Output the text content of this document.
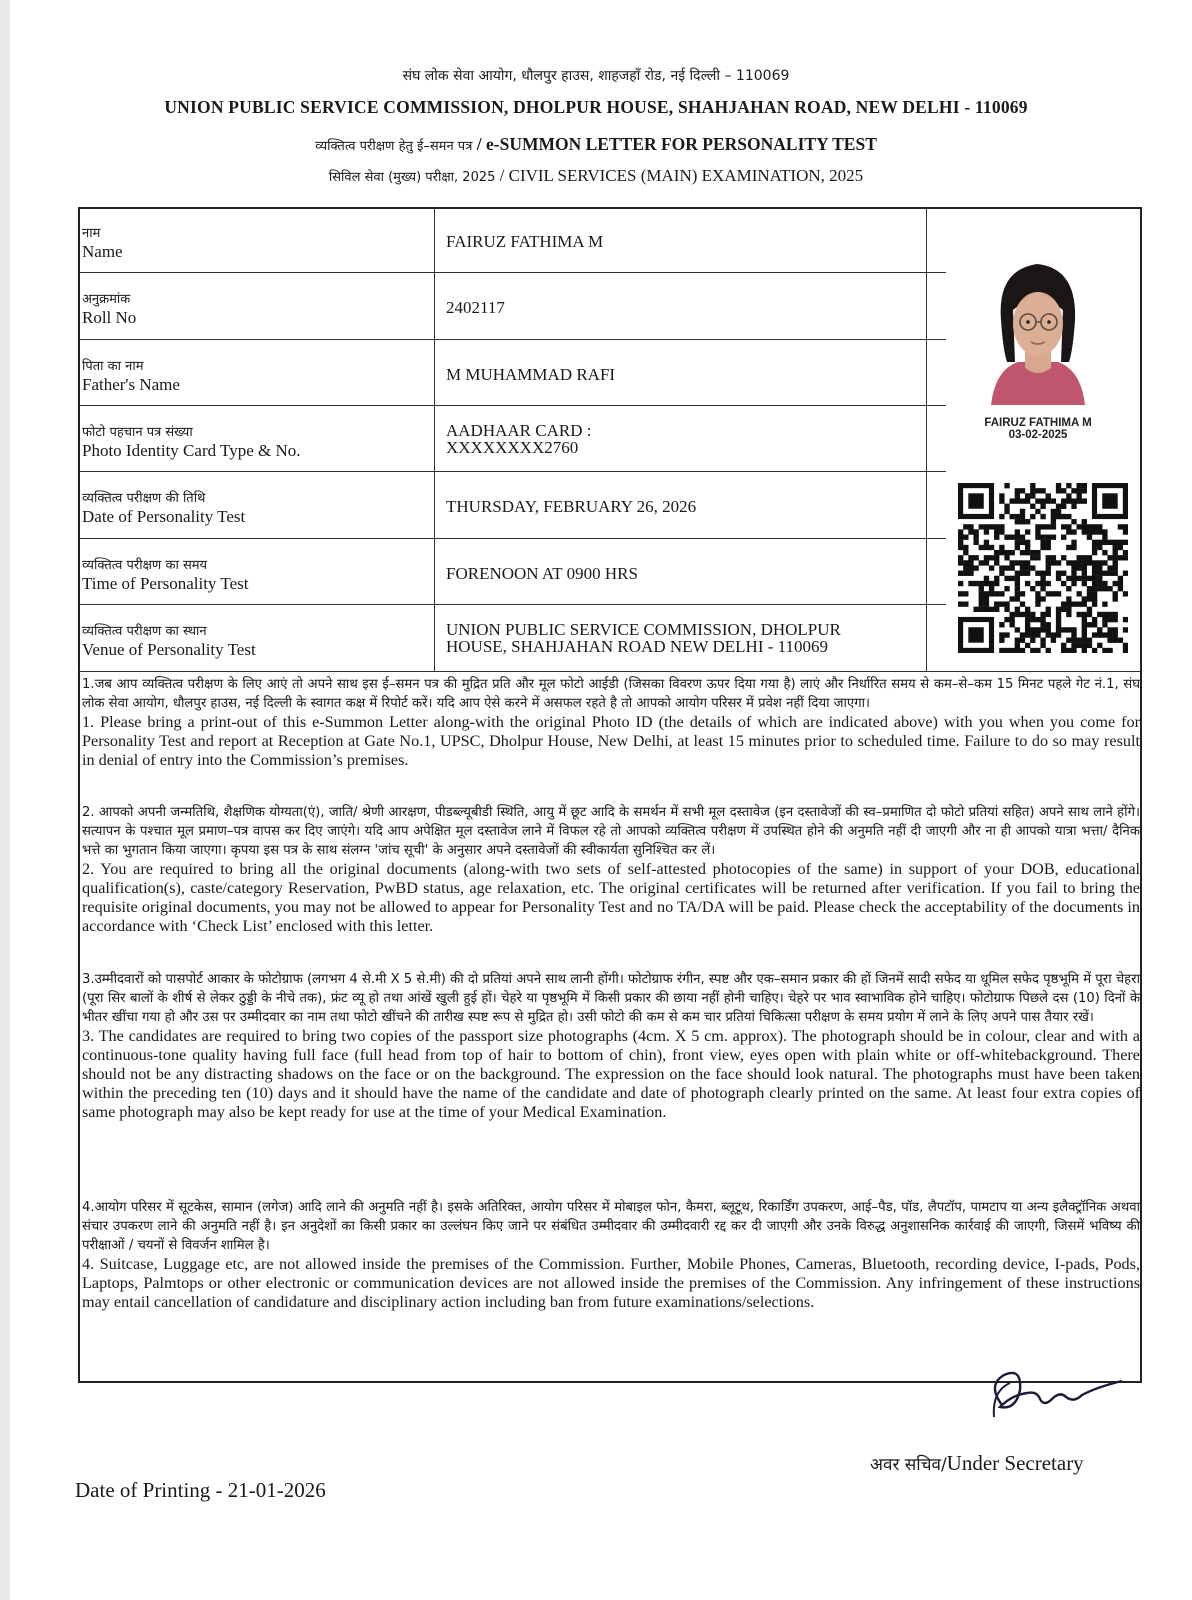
संघ लोक सेवा आयोग, धौलपुर हाउस, शाहजहाँ रोड, नई दिल्ली – 110069
UNION PUBLIC SERVICE COMMISSION, DHOLPUR HOUSE, SHAHJAHAN ROAD, NEW DELHI - 110069
व्यक्तित्व परीक्षण हेतु ई–समन पत्र / e-SUMMON LETTER FOR PERSONALITY TEST
सिविल सेवा (मुख्य) परीक्षा, 2025 / CIVIL SERVICES (MAIN) EXAMINATION, 2025
नाम
Name
FAIRUZ FATHIMA M
अनुक्रमांक
Roll No
2402117
पिता का नाम
Father's Name
M MUHAMMAD RAFI
फोटो पहचान पत्र संख्या
Photo Identity Card Type & No.
AADHAAR CARD :
XXXXXXXX2760
व्यक्तित्व परीक्षण की तिथि
Date of Personality Test
THURSDAY, FEBRUARY 26, 2026
व्यक्तित्व परीक्षण का समय
Time of Personality Test
FORENOON AT 0900 HRS
व्यक्तित्व परीक्षण का स्थान
Venue of Personality Test
UNION PUBLIC SERVICE COMMISSION, DHOLPUR
HOUSE, SHAHJAHAN ROAD NEW DELHI - 110069
FAIRUZ FATHIMA M
03-02-2025
1.जब आप व्यक्तित्व परीक्षण के लिए आएं तो अपने साथ इस ई–समन पत्र की मुद्रित प्रति और मूल फोटो आईडी (जिसका विवरण ऊपर दिया गया है) लाएं और निर्धारित समय से कम–से–कम 15 मिनट पहले गेट नं.1, संघ लोक सेवा आयोग, धौलपुर हाउस, नई दिल्ली के स्वागत कक्ष में रिपोर्ट करें। यदि आप ऐसे करने में असफल रहते है तो आपको आयोग परिसर में प्रवेश नहीं दिया जाएगा।
1. Please bring a print-out of this e-Summon Letter along-with the original Photo ID (the details of which are indicated above) with you when you come for Personality Test and report at Reception at Gate No.1, UPSC, Dholpur House, New Delhi, at least 15 minutes prior to scheduled time. Failure to do so may result in denial of entry into the Commission’s premises.
2. आपको अपनी जन्मतिथि, शैक्षणिक योग्यता(एं), जाति/ श्रेणी आरक्षण, पीडब्ल्यूबीडी स्थिति, आयु में छूट आदि के समर्थन में सभी मूल दस्तावेज (इन दस्तावेजों की स्व–प्रमाणित दो फोटो प्रतियां सहित) अपने साथ लाने होंगे। सत्यापन के पश्चात मूल प्रमाण–पत्र वापस कर दिए जाएंगे। यदि आप अपेक्षित मूल दस्तावेज लाने में विफल रहे तो आपको व्यक्तित्व परीक्षण में उपस्थित होने की अनुमति नहीं दी जाएगी और ना ही आपको यात्रा भत्ता/ दैनिक भत्ते का भुगतान किया जाएगा। कृपया इस पत्र के साथ संलग्न 'जांच सूची' के अनुसार अपने दस्तावेजों की स्वीकार्यता सुनिश्चित कर लें।
2. You are required to bring all the original documents (along-with two sets of self-attested photocopies of the same) in support of your DOB, educational qualification(s), caste/category Reservation, PwBD status, age relaxation, etc. The original certificates will be returned after verification. If you fail to bring the requisite original documents, you may not be allowed to appear for Personality Test and no TA/DA will be paid. Please check the acceptability of the documents in accordance with ‘Check List’ enclosed with this letter.
3.उम्मीदवारों को पासपोर्ट आकार के फोटोग्राफ (लगभग 4 से.मी X 5 से.मी) की दो प्रतियां अपने साथ लानी होंगी। फोटोग्राफ रंगीन, स्पष्ट और एक–समान प्रकार की हों जिनमें सादी सफेद या धूमिल सफेद पृष्ठभूमि में पूरा चेहरा (पूरा सिर बालों के शीर्ष से लेकर ठुड्डी के नीचे तक), फ्रंट व्यू हो तथा आंखें खुली हुई हों। चेहरे या पृष्ठभूमि में किसी प्रकार की छाया नहीं होनी चाहिए। चेहरे पर भाव स्वाभाविक होने चाहिए। फोटोग्राफ पिछले दस (10) दिनों के भीतर खींचा गया हो और उस पर उम्मीदवार का नाम तथा फोटो खींचने की तारीख स्पष्ट रूप से मुद्रित हो। उसी फोटो की कम से कम चार प्रतियां चिकित्सा परीक्षण के समय प्रयोग में लाने के लिए अपने पास तैयार रखें।
3. The candidates are required to bring two copies of the passport size photographs (4cm. X 5 cm. approx). The photograph should be in colour, clear and with a continuous-tone quality having full face (full head from top of hair to bottom of chin), front view, eyes open with plain white or off-whitebackground. There should not be any distracting shadows on the face or on the background. The expression on the face should look natural. The photographs must have been taken within the preceding ten (10) days and it should have the name of the candidate and date of photograph clearly printed on the same. At least four extra copies of same photograph may also be kept ready for use at the time of your Medical Examination.
4.आयोग परिसर में सूटकेस, सामान (लगेज) आदि लाने की अनुमति नहीं है। इसके अतिरिक्त, आयोग परिसर में मोबाइल फोन, कैमरा, ब्लूटूथ, रिकार्डिंग उपकरण, आई–पैड, पॉड, लैपटॉप, पामटाप या अन्य इलैक्ट्रॉनिक अथवा संचार उपकरण लाने की अनुमति नहीं है। इन अनुदेशों का किसी प्रकार का उल्लंघन किए जाने पर संबंधित उम्मीदवार की उम्मीदवारी रद्द कर दी जाएगी और उनके विरुद्ध अनुशासनिक कार्रवाई की जाएगी, जिसमें भविष्य की परीक्षाओं / चयनों से विवर्जन शामिल है।
4. Suitcase, Luggage etc, are not allowed inside the premises of the Commission. Further, Mobile Phones, Cameras, Bluetooth, recording device, I-pads, Pods, Laptops, Palmtops or other electronic or communication devices are not allowed inside the premises of the Commission. Any infringement of these instructions may entail cancellation of candidature and disciplinary action including ban from future examinations/selections.
अवर सचिव/Under Secretary
Date of Printing - 21-01-2026
